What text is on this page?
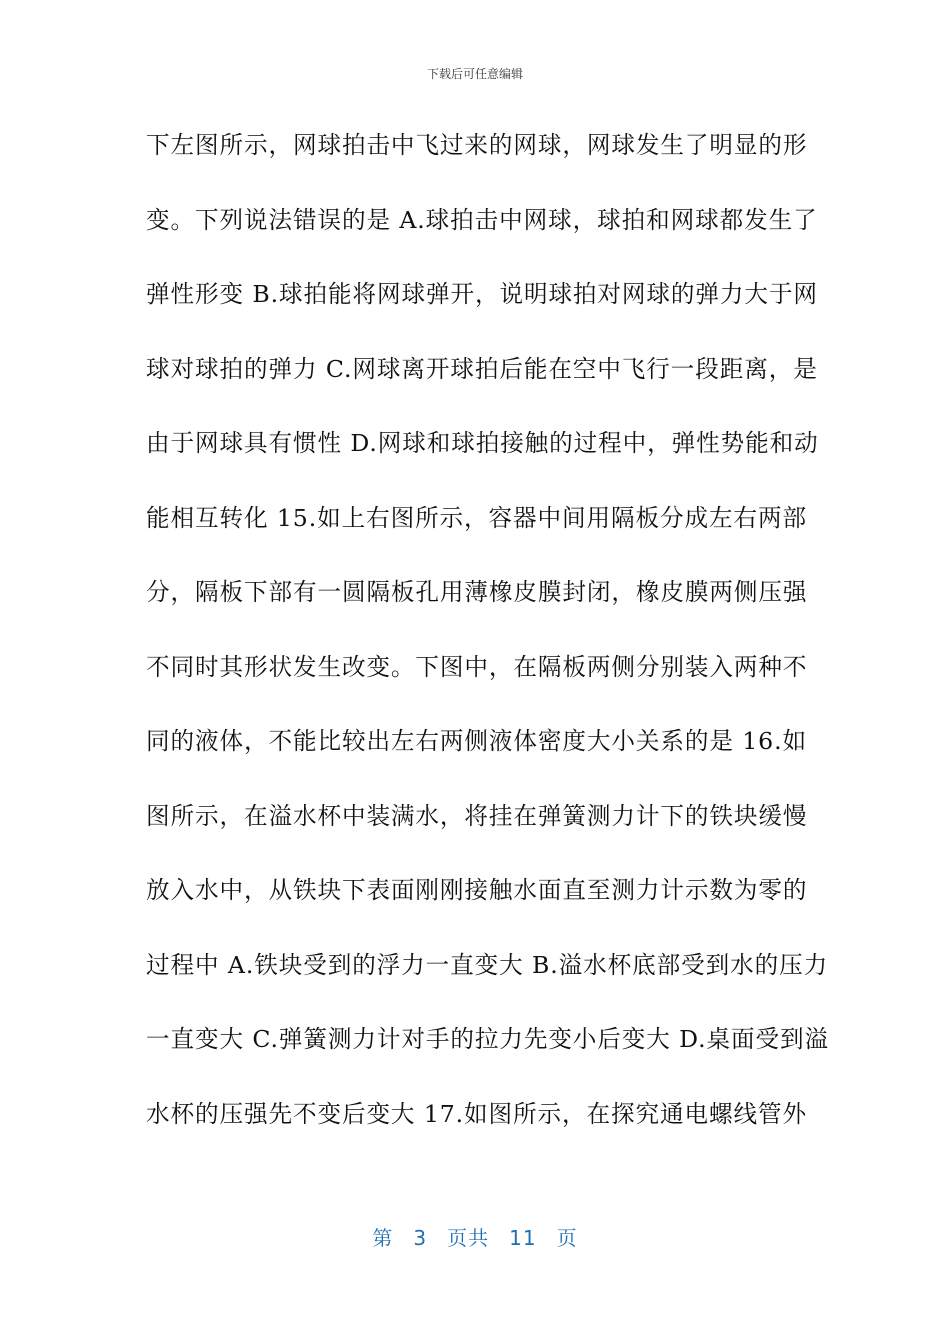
下载后可任意编辑
下左图所示，网球拍击中飞过来的网球，网球发生了明显的形
变。下列说法错误的是 A.球拍击中网球，球拍和网球都发生了
弹性形变 B.球拍能将网球弹开，说明球拍对网球的弹力大于网
球对球拍的弹力 C.网球离开球拍后能在空中飞行一段距离，是
由于网球具有惯性 D.网球和球拍接触的过程中，弹性势能和动
能相互转化 15.如上右图所示，容器中间用隔板分成左右两部
分，隔板下部有一圆隔板孔用薄橡皮膜封闭，橡皮膜两侧压强
不同时其形状发生改变。下图中，在隔板两侧分别装入两种不
同的液体，不能比较出左右两侧液体密度大小关系的是 16.如
图所示，在溢水杯中装满水，将挂在弹簧测力计下的铁块缓慢
放入水中，从铁块下表面刚刚接触水面直至测力计示数为零的
过程中 A.铁块受到的浮力一直变大 B.溢水杯底部受到水的压力
一直变大 C.弹簧测力计对手的拉力先变小后变大 D.桌面受到溢
水杯的压强先不变后变大 17.如图所示，在探究通电螺线管外
第 3 页共 11 页
